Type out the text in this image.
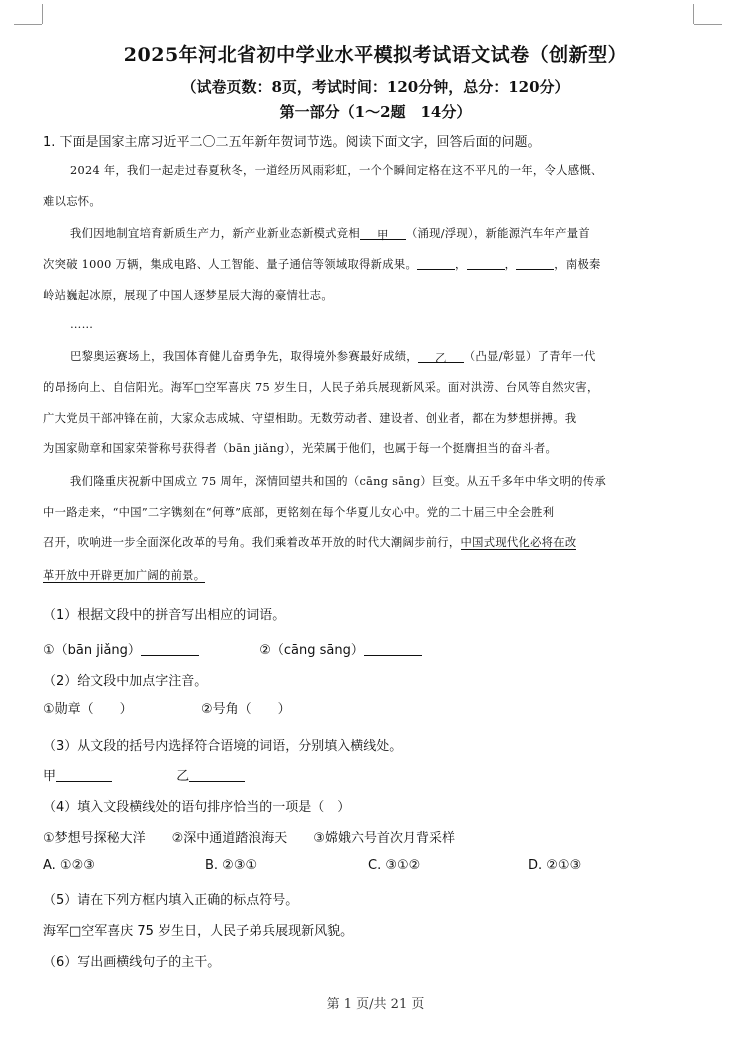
2025年河北省初中学业水平模拟考试语文试卷（创新型）
（试卷页数：8页，考试时间：120分钟，总分：120分）
第一部分（1～2题　14分）
1. 下面是国家主席习近平二〇二五年新年贺词节选。阅读下面文字，回答后面的问题。
2024 年，我们一起走过春夏秋冬，一道经历风雨彩虹，一个个瞬间定格在这不平凡的一年，令人感慨、
难以忘怀。
我们因地制宜培育新质生产力，新产业新业态新模式竞相 甲 （涌现/浮现），新能源汽车年产量首
次突破 1000 万辆，集成电路、人工智能、量子通信等领域取得新成果。	，	，	，南极秦
岭站巍起冰原，展现了中国人逐梦星辰大海的豪情壮志。
……
巴黎奥运赛场上，我国体育健儿奋勇争先，取得境外参赛最好成绩， 乙 （凸显/彰显）了青年一代
的昂扬向上、自信阳光。海军□空军喜庆 75 岁生日，人民子弟兵展现新风采。面对洪涝、台风等自然灾害，
广大党员干部冲锋在前，大家众志成城、守望相助。无数劳动者、建设者、创业者，都在为梦想拼搏。我
为国家勋章和国家荣誉称号获得者（bān jiǎng），光荣属于他们，也属于每一个挺膺担当的奋斗者。
我们隆重庆祝新中国成立 75 周年，深情回望共和国的（cāng sāng）巨变。从五千多年中华文明的传承
中一路走来，“中国”二字镌刻在“何尊”底部，更铭刻在每个华夏儿女心中。党的二十届三中全会胜利
召开，吹响进一步全面深化改革的号角。我们乘着改革开放的时代大潮阔步前行，中国式现代化必将在改
革开放中开辟更加广阔的前景。
（1）根据文段中的拼音写出相应的词语。
①（bān jiǎng）	②（cāng sāng）
（2）给文段中加点字注音。
①勋章（　　）	②号角（　　）
（3）从文段的括号内选择符合语境的词语，分别填入横线处。
甲	乙
（4）填入文段横线处的语句排序恰当的一项是（　）
①梦想号探秘大洋　　②深中通道踏浪海天　　③嫦娥六号首次月背采样
A. ①②③	B. ②③①	C. ③①②	D. ②①③
（5）请在下列方框内填入正确的标点符号。
海军□空军喜庆 75 岁生日，人民子弟兵展现新风貌。
（6）写出画横线句子的主干。
第 1 页/共 21 页
